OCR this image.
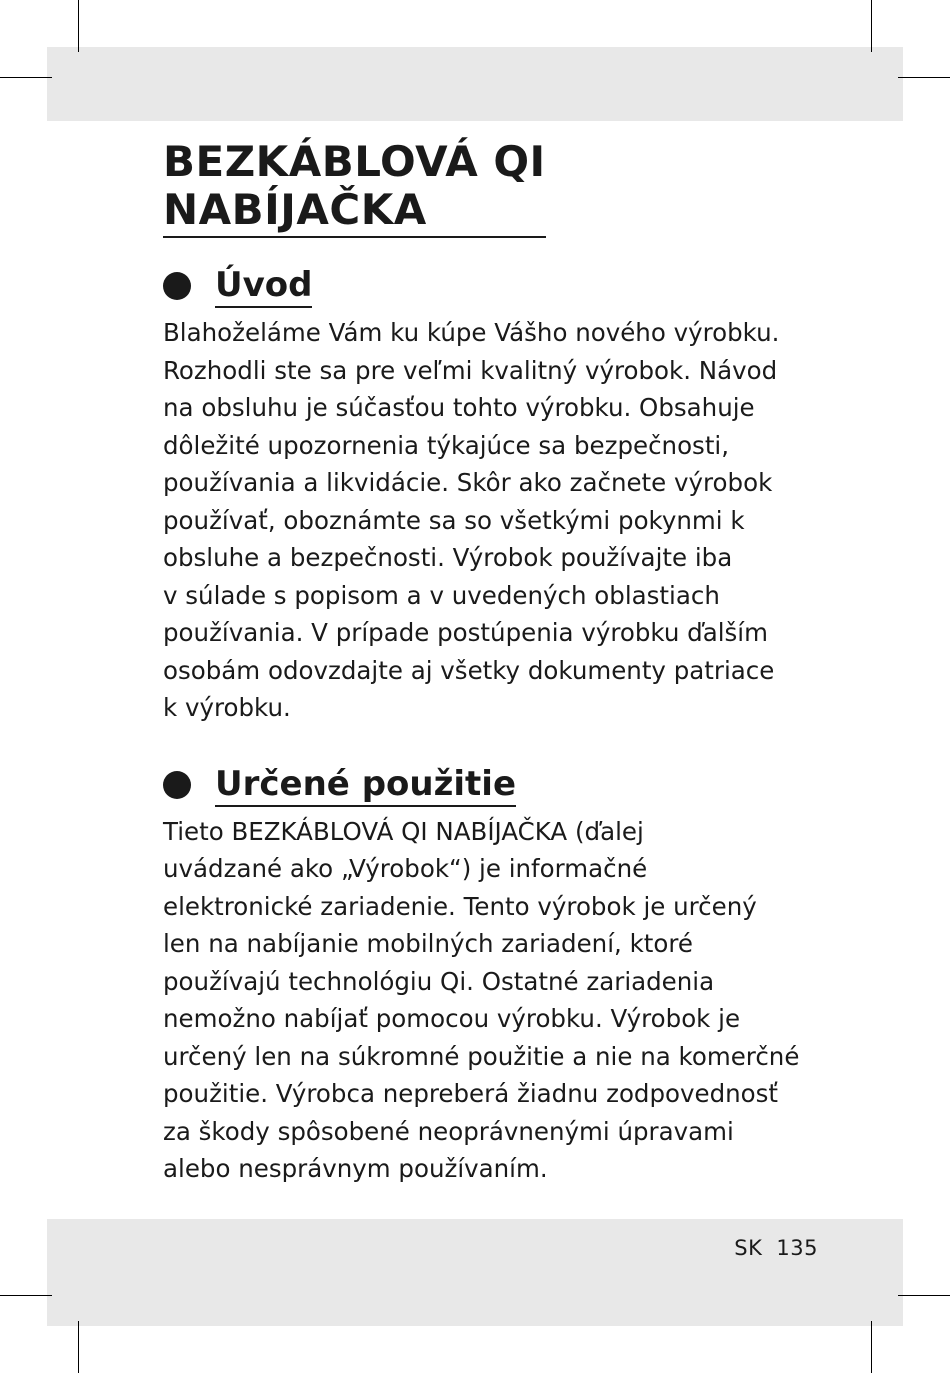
BEZKÁBLOVÁ QI
NABÍJAČKA
Úvod

Blahoželáme Vám ku kúpe Vášho nového výrobku.
Rozhodli ste sa pre veľmi kvalitný výrobok. Návod
na obsluhu je súčasťou tohto výrobku. Obsahuje
dôležité upozornenia týkajúce sa bezpečnosti,
používania a likvidácie. Skôr ako začnete výrobok
používať, oboznámte sa so všetkými pokynmi k
obsluhe a bezpečnosti. Výrobok používajte iba
v súlade s popisom a v uvedených oblastiach
používania. V prípade postúpenia výrobku ďalším
osobám odovzdajte aj všetky dokumenty patriace
k výrobku.

Určené použitie

Tieto BEZKÁBLOVÁ QI NABÍJAČKA (ďalej
uvádzané ako „Výrobok“) je informačné
elektronické zariadenie. Tento výrobok je určený
len na nabíjanie mobilných zariadení, ktoré
používajú technológiu Qi. Ostatné zariadenia
nemožno nabíjať pomocou výrobku. Výrobok je
určený len na súkromné použitie a nie na komerčné
použitie. Výrobca nepreberá žiadnu zodpovednosť
za škody spôsobené neoprávnenými úpravami
alebo nesprávnym používaním.

SK 135
